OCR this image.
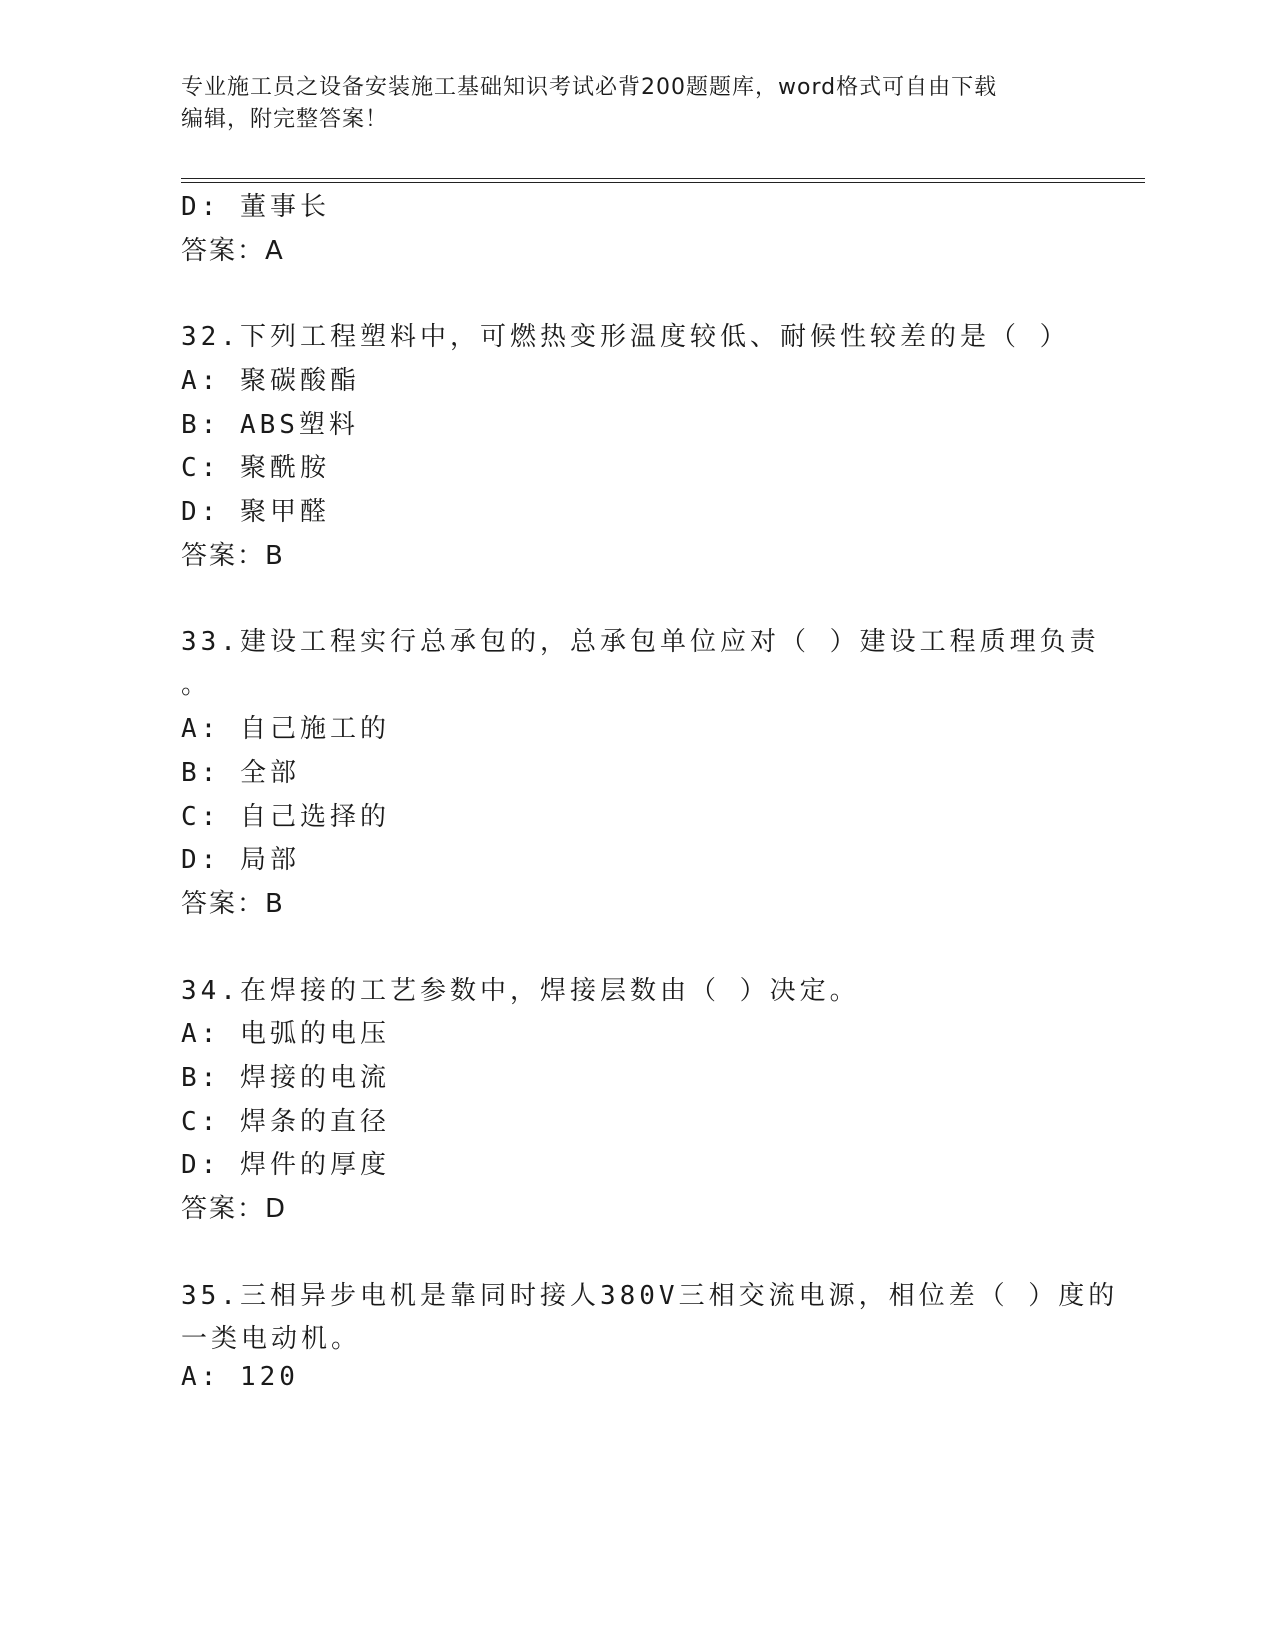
专业施工员之设备安装施工基础知识考试必背200题题库，word格式可自由下载
编辑，附完整答案！
D: 董事长
答案：A
32.下列工程塑料中，可燃热变形温度较低、耐候性较差的是（ ）
A: 聚碳酸酯
B: ABS塑料
C: 聚酰胺
D: 聚甲醛
答案：B
33.建设工程实行总承包的，总承包单位应对（ ）建设工程质理负责
。
A: 自己施工的
B: 全部
C: 自己选择的
D: 局部
答案：B
34.在焊接的工艺参数中，焊接层数由（ ）决定。
A: 电弧的电压
B: 焊接的电流
C: 焊条的直径
D: 焊件的厚度
答案：D
35.三相异步电机是靠同时接人380V三相交流电源，相位差（ ）度的
一类电动机。
A: 120
